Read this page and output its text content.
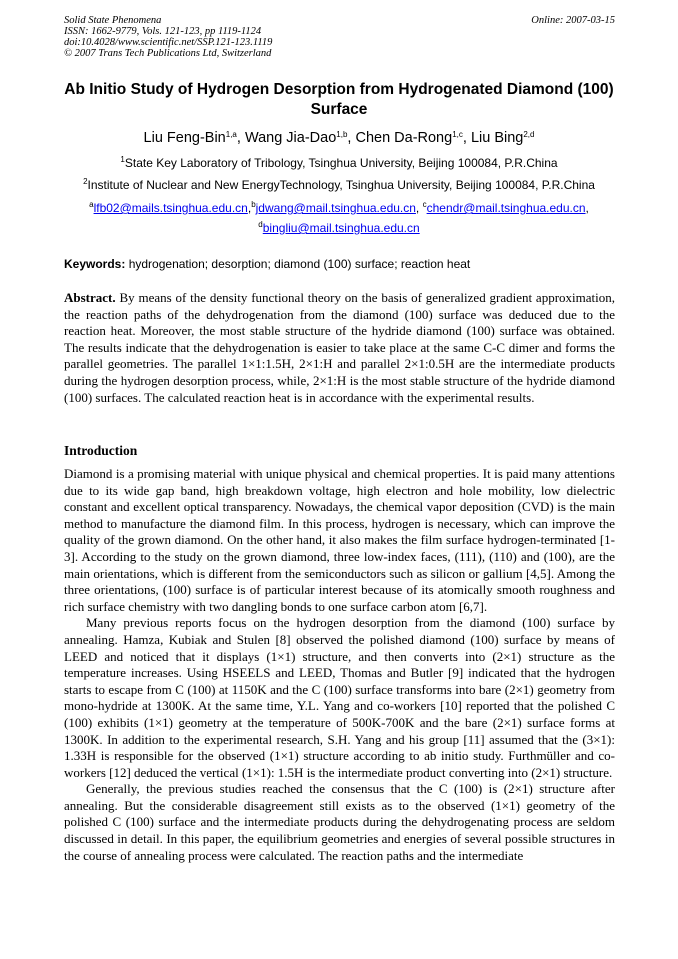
Solid State Phenomena
ISSN: 1662-9779, Vols. 121-123, pp 1119-1124
doi:10.4028/www.scientific.net/SSP.121-123.1119
© 2007 Trans Tech Publications Ltd, Switzerland
Online: 2007-03-15
Ab Initio Study of Hydrogen Desorption from Hydrogenated Diamond (100) Surface
Liu Feng-Bin$^{1,a}$, Wang Jia-Dao$^{1,b}$, Chen Da-Rong$^{1,c}$, Liu Bing$^{2,d}$
$^1$State Key Laboratory of Tribology, Tsinghua University, Beijing 100084, P.R.China
$^2$Institute of Nuclear and New EnergyTechnology, Tsinghua University, Beijing 100084, P.R.China
$^a$lfb02@mails.tsinghua.edu.cn,$^b$jdwang@mail.tsinghua.edu.cn, $^c$chendr@mail.tsinghua.edu.cn,
$^d$bingliu@mail.tsinghua.edu.cn
Keywords: hydrogenation; desorption; diamond (100) surface; reaction heat
Abstract. By means of the density functional theory on the basis of generalized gradient approximation, the reaction paths of the dehydrogenation from the diamond (100) surface was deduced due to the reaction heat. Moreover, the most stable structure of the hydride diamond (100) surface was obtained. The results indicate that the dehydrogenation is easier to take place at the same C-C dimer and forms the parallel geometries. The parallel 1×1:1.5H, 2×1:H and parallel 2×1:0.5H are the intermediate products during the hydrogen desorption process, while, 2×1:H is the most stable structure of the hydride diamond (100) surfaces. The calculated reaction heat is in accordance with the experimental results.
Introduction

Diamond is a promising material with unique physical and chemical properties. It is paid many attentions due to its wide gap band, high breakdown voltage, high electron and hole mobility, low dielectric constant and excellent optical transparency. Nowadays, the chemical vapor deposition (CVD) is the main method to manufacture the diamond film. In this process, hydrogen is necessary, which can improve the quality of the grown diamond. On the other hand, it also makes the film surface hydrogen-terminated [1-3]. According to the study on the grown diamond, three low-index faces, (111), (110) and (100), are the main orientations, which is different from the semiconductors such as silicon or gallium [4,5]. Among the three orientations, (100) surface is of particular interest because of its atomically smooth roughness and rich surface chemistry with two dangling bonds to one surface carbon atom [6,7].

Many previous reports focus on the hydrogen desorption from the diamond (100) surface by annealing. Hamza, Kubiak and Stulen [8] observed the polished diamond (100) surface by means of LEED and noticed that it displays (1×1) structure, and then converts into (2×1) structure as the temperature increases. Using HSEELS and LEED, Thomas and Butler [9] indicated that the hydrogen starts to escape from C (100) at 1150K and the C (100) surface transforms into bare (2×1) geometry from mono-hydride at 1300K. At the same time, Y.L. Yang and co-workers [10] reported that the polished C (100) exhibits (1×1) geometry at the temperature of 500K-700K and the bare (2×1) surface forms at 1300K. In addition to the experimental research, S.H. Yang and his group [11] assumed that the (3×1): 1.33H is responsible for the observed (1×1) structure according to ab initio study. Furthmüller and co-workers [12] deduced the vertical (1×1): 1.5H is the intermediate product converting into (2×1) structure.

Generally, the previous studies reached the consensus that the C (100) is (2×1) structure after annealing. But the considerable disagreement still exists as to the observed (1×1) geometry of the polished C (100) surface and the intermediate products during the dehydrogenating process are seldom discussed in detail. In this paper, the equilibrium geometries and energies of several possible structures in the course of annealing process were calculated. The reaction paths and the intermediate
